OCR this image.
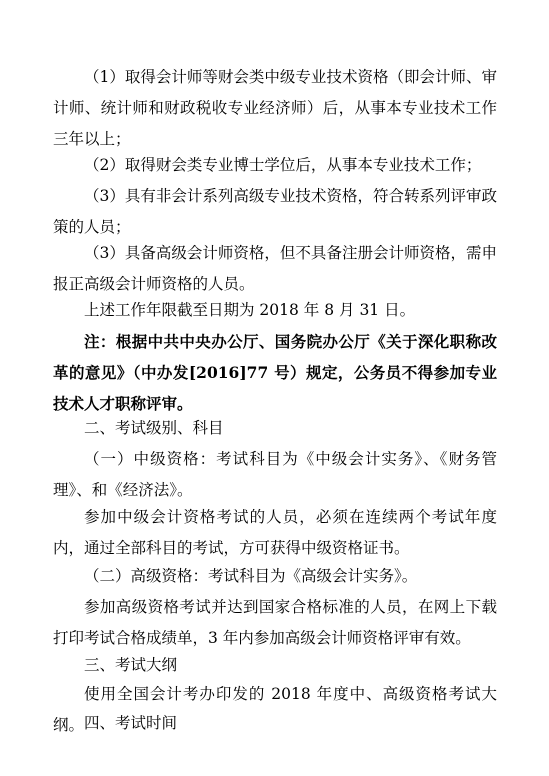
（1）取得会计师等财会类中级专业技术资格（即会计师、审计师、统计师和财政税收专业经济师）后，从事本专业技术工作三年以上；

（2）取得财会类专业博士学位后，从事本专业技术工作；

（3）具有非会计系列高级专业技术资格，符合转系列评审政策的人员；

（3）具备高级会计师资格，但不具备注册会计师资格，需申报正高级会计师资格的人员。

上述工作年限截至日期为 2018 年 8 月 31 日。

注：根据中共中央办公厅、国务院办公厅《关于深化职称改革的意见》（中办发[2016]77 号）规定，公务员不得参加专业技术人才职称评审。

二、考试级别、科目

（一）中级资格：考试科目为《中级会计实务》、《财务管理》、和《经济法》。

参加中级会计资格考试的人员，必须在连续两个考试年度内，通过全部科目的考试，方可获得中级资格证书。

（二）高级资格：考试科目为《高级会计实务》。

参加高级资格考试并达到国家合格标准的人员，在网上下载打印考试合格成绩单，3 年内参加高级会计师资格评审有效。

三、考试大纲

使用全国会计考办印发的 2018 年度中、高级资格考试大纲。 四、考试时间
